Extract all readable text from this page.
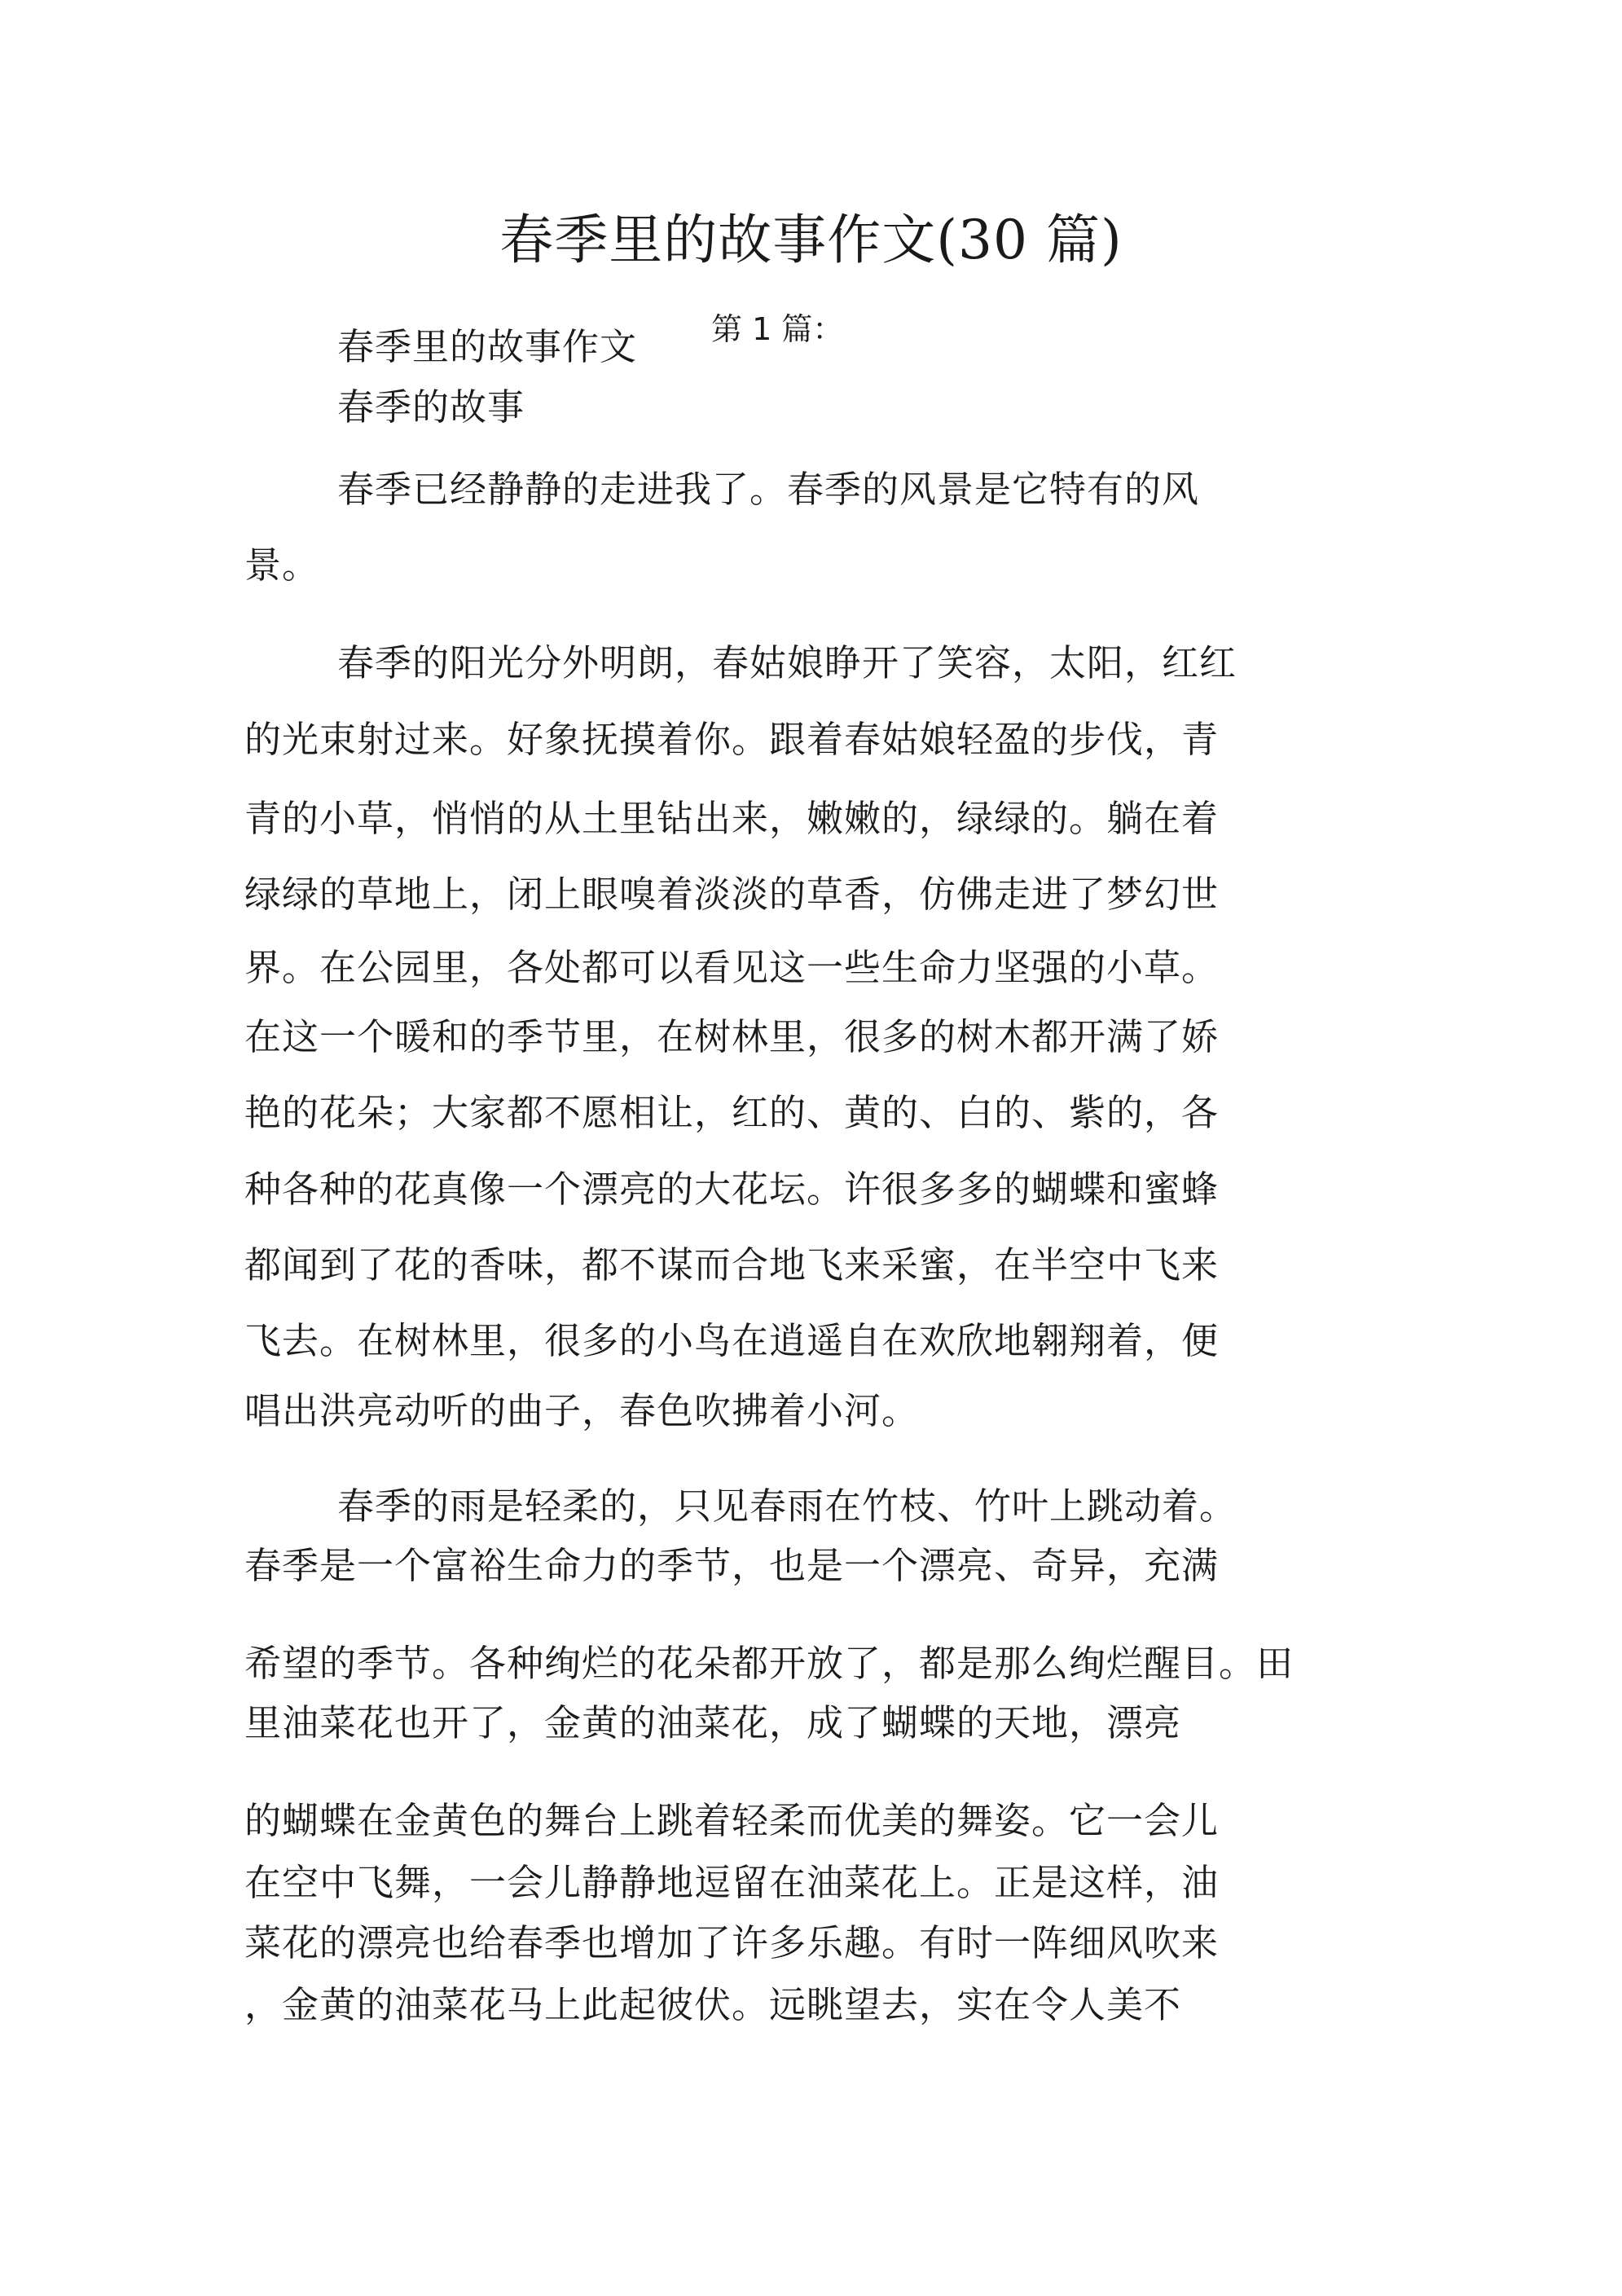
春季里的故事作文(30 篇)
春季里的故事作文 第 1 篇：
春季的故事
春季已经静静的走进我了。春季的风景是它特有的风
景。
春季的阳光分外明朗，春姑娘睁开了笑容，太阳，红红
的光束射过来。好象抚摸着你。跟着春姑娘轻盈的步伐，青
青的小草，悄悄的从土里钻出来，嫩嫩的，绿绿的。躺在着
绿绿的草地上，闭上眼嗅着淡淡的草香，仿佛走进了梦幻世
界。在公园里，各处都可以看见这一些生命力坚强的小草。
在这一个暖和的季节里，在树林里，很多的树木都开满了娇
艳的花朵；大家都不愿相让，红的、黄的、白的、紫的，各
种各种的花真像一个漂亮的大花坛。许很多多的蝴蝶和蜜蜂
都闻到了花的香味，都不谋而合地飞来采蜜，在半空中飞来
飞去。在树林里，很多的小鸟在逍遥自在欢欣地翱翔着，便
唱出洪亮动听的曲子，春色吹拂着小河。
春季的雨是轻柔的，只见春雨在竹枝、竹叶上跳动着。
春季是一个富裕生命力的季节，也是一个漂亮、奇异，充满
希望的季节。各种绚烂的花朵都开放了，都是那么绚烂醒目。田
里油菜花也开了，金黄的油菜花，成了蝴蝶的天地，漂亮
的蝴蝶在金黄色的舞台上跳着轻柔而优美的舞姿。它一会儿
在空中飞舞，一会儿静静地逗留在油菜花上。正是这样，油
菜花的漂亮也给春季也增加了许多乐趣。有时一阵细风吹来
，金黄的油菜花马上此起彼伏。远眺望去，实在令人美不
